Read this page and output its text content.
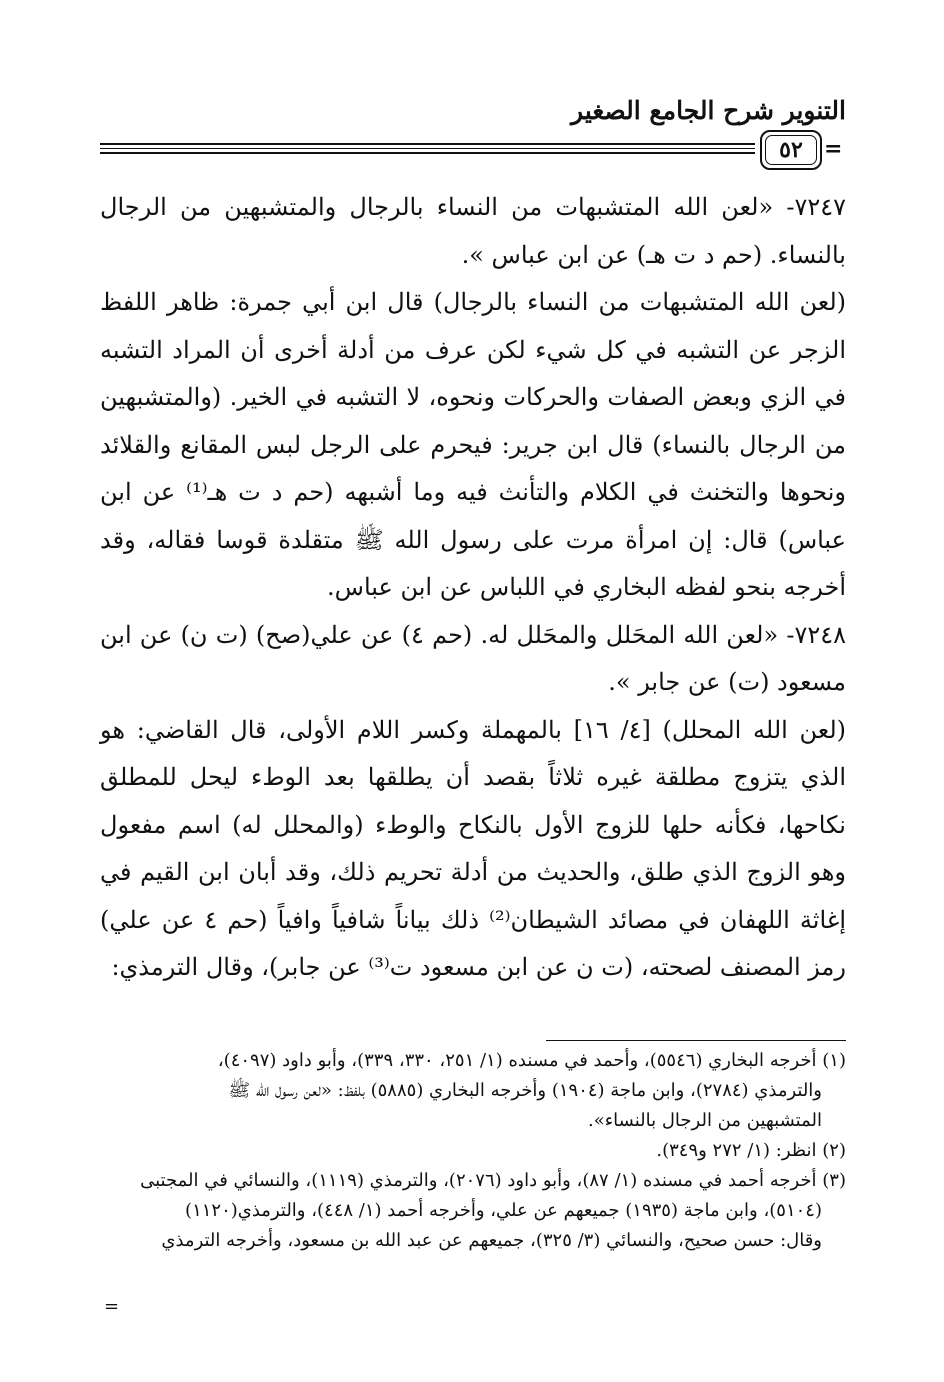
التنوير شرح الجامع الصغير
٥٢ =

٧٢٤٧- «لعن الله المتشبهات من النساء بالرجال والمتشبهين من الرجال بالنساء. (حم د ت هـ) عن ابن عباس ».

(لعن الله المتشبهات من النساء بالرجال) قال ابن أبي جمرة: ظاهر اللفظ الزجر عن التشبه في كل شيء لكن عرف من أدلة أخرى أن المراد التشبه في الزي وبعض الصفات والحركات ونحوه، لا التشبه في الخير. (والمتشبهين من الرجال بالنساء) قال ابن جرير: فيحرم على الرجل لبس المقانع والقلائد ونحوها والتخنث في الكلام والتأنث فيه وما أشبهه (حم د ت هـ⁽¹⁾ عن ابن عباس) قال: إن امرأة مرت على رسول الله ﷺ متقلدة قوسا فقاله، وقد أخرجه بنحو لفظه البخاري في اللباس عن ابن عباس.

٧٢٤٨- «لعن الله المحَلل والمحَلل له. (حم ٤) عن علي(صح) (ت ن) عن ابن مسعود (ت) عن جابر ».

(لعن الله المحلل) [٤/ ١٦] بالمهملة وكسر اللام الأولى، قال القاضي: هو الذي يتزوج مطلقة غيره ثلاثاً بقصد أن يطلقها بعد الوطء ليحل للمطلق نكاحها، فكأنه حلها للزوج الأول بالنكاح والوطء (والمحلل له) اسم مفعول وهو الزوج الذي طلق، والحديث من أدلة تحريم ذلك، وقد أبان ابن القيم في إغاثة اللهفان في مصائد الشيطان⁽²⁾ ذلك بياناً شافياً وافياً (حم ٤ عن علي) رمز المصنف لصحته، (ت ن عن ابن مسعود ت⁽³⁾ عن جابر)، وقال الترمذي:

(١) أخرجه البخاري (٥٥٤٦)، وأحمد في مسنده (١/ ٢٥١، ٣٣٠، ٣٣٩)، وأبو داود (٤٠٩٧)،

والترمذي (٢٧٨٤)، وابن ماجة (١٩٠٤) وأخرجه البخاري (٥٨٨٥) بلفظ: «لعن رسول الله ﷺ

المتشبهين من الرجال بالنساء».

(٢) انظر: (١/ ٢٧٢ و٣٤٩).

(٣) أخرجه أحمد في مسنده (١/ ٨٧)، وأبو داود (٢٠٧٦)، والترمذي (١١١٩)، والنسائي في المجتبى

(٥١٠٤)، وابن ماجة (١٩٣٥) جميعهم عن علي، وأخرجه أحمد (١/ ٤٤٨)، والترمذي(١١٢٠)

وقال: حسن صحيح، والنسائي (٣/ ٣٢٥)، جميعهم عن عبد الله بن مسعود، وأخرجه الترمذي

=
